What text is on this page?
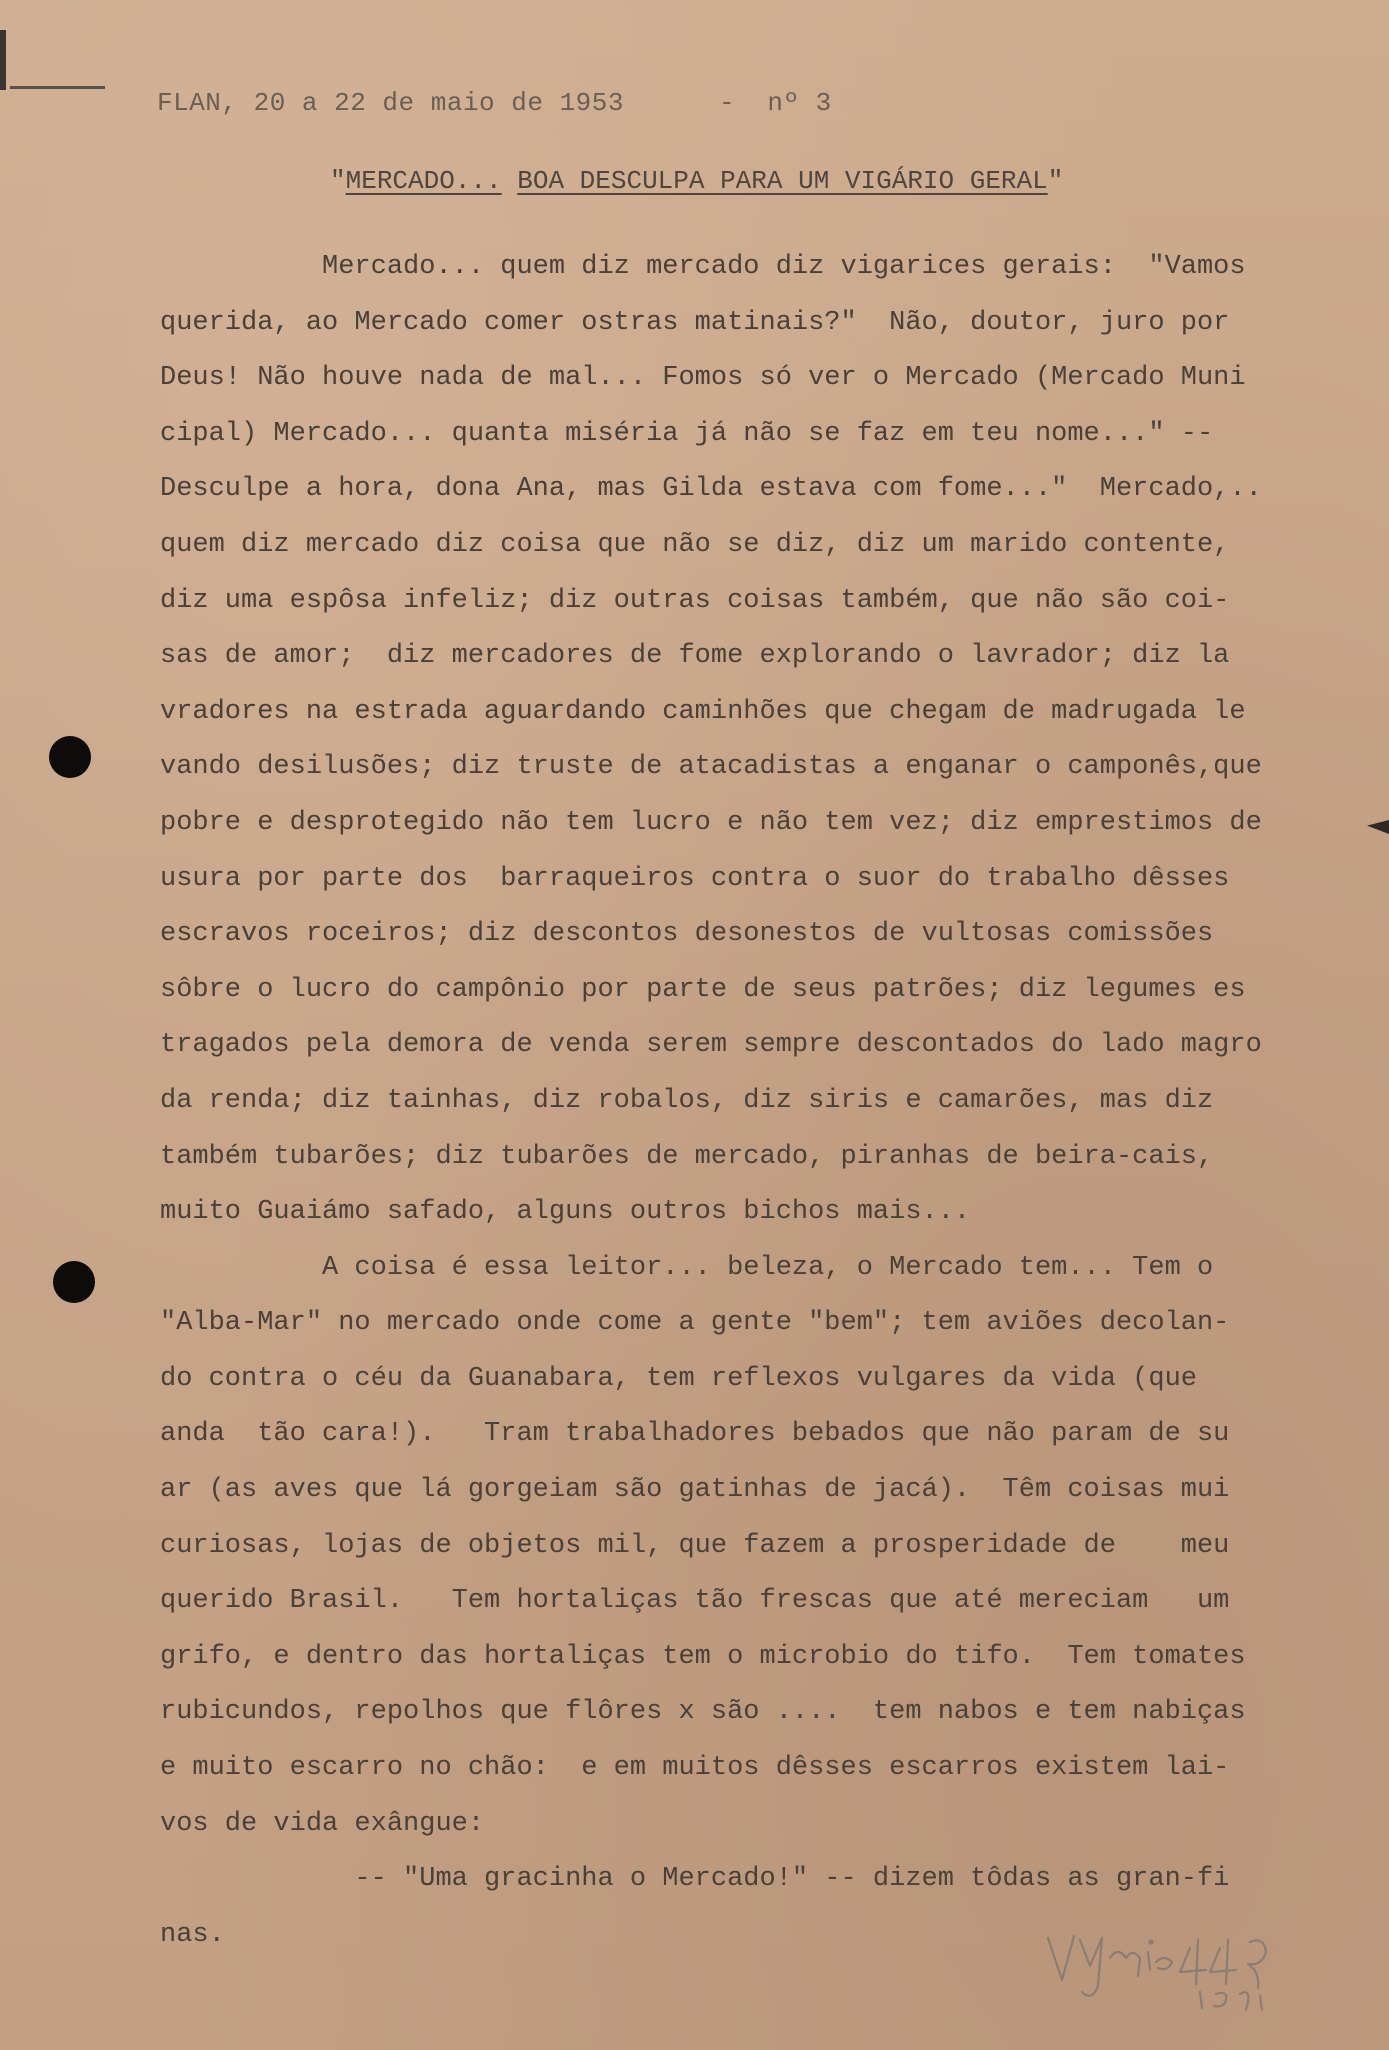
FLAN, 20 a 22 de maio de 1953	- nº 3
"MERCADO... BOA DESCULPA PARA UM VIGÁRIO GERAL"
Mercado... quem diz mercado diz vigarices gerais:  "Vamos
querida, ao Mercado comer ostras matinais?"  Não, doutor, juro por
Deus! Não houve nada de mal... Fomos só ver o Mercado (Mercado Muni
cipal) Mercado... quanta miséria já não se faz em teu nome..." --
Desculpe a hora, dona Ana, mas Gilda estava com fome..."  Mercado,..
quem diz mercado diz coisa que não se diz, diz um marido contente,
diz uma espôsa infeliz; diz outras coisas também, que não são coi-
sas de amor;  diz mercadores de fome explorando o lavrador; diz la
vradores na estrada aguardando caminhões que chegam de madrugada le
vando desilusões; diz truste de atacadistas a enganar o camponês,que
pobre e desprotegido não tem lucro e não tem vez; diz emprestimos de
usura por parte dos  barraqueiros contra o suor do trabalho dêsses
escravos roceiros; diz descontos desonestos de vultosas comissões
sôbre o lucro do campônio por parte de seus patrões; diz legumes es
tragados pela demora de venda serem sempre descontados do lado magro
da renda; diz tainhas, diz robalos, diz siris e camarões, mas diz
também tubarões; diz tubarões de mercado, piranhas de beira-cais,
muito Guaiámo safado, alguns outros bichos mais...
A coisa é essa leitor... beleza, o Mercado tem... Tem o
"Alba-Mar" no mercado onde come a gente "bem"; tem aviões decolan-
do contra o céu da Guanabara, tem reflexos vulgares da vida (que
anda  tão cara!).   Tram trabalhadores bebados que não param de su
ar (as aves que lá gorgeiam são gatinhas de jacá).  Têm coisas mui
curiosas, lojas de objetos mil, que fazem a prosperidade de    meu
querido Brasil.   Tem hortaliças tão frescas que até mereciam   um
grifo, e dentro das hortaliças tem o microbio do tifo.  Tem tomates
rubicundos, repolhos que flôres x são ....  tem nabos e tem nabiças
e muito escarro no chão:  e em muitos dêsses escarros existem lai-
vos de vida exângue:
-- "Uma gracinha o Mercado!" -- dizem tôdas as gran-fi
nas.
